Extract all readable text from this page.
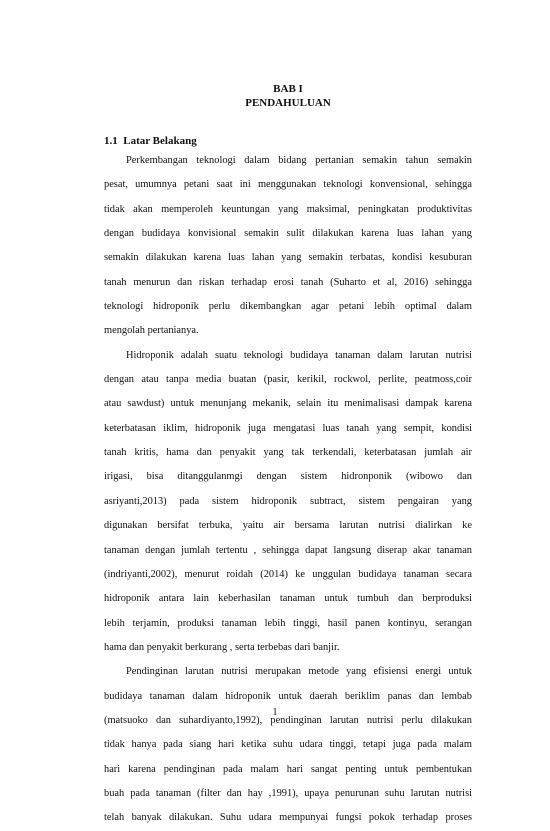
BAB I
PENDAHULUAN
1.1  Latar Belakang
Perkembangan teknologi dalam bidang pertanian semakin tahun semakin
pesat, umumnya petani saat ini menggunakan teknologi konvensional, sehingga
tidak akan memperoleh keuntungan yang maksimal, peningkatan produktivitas
dengan budidaya konvisional semakin sulit dilakukan karena luas lahan yang
semakin dilakukan karena luas lahan yang semakin terbatas, kondisi kesuburan
tanah menurun dan riskan terhadap erosi tanah (Suharto et al, 2016) sehingga
teknologi hidroponik perlu dikembangkan agar petani lebih optimal dalam
mengolah pertanianya.
Hidroponik adalah suatu teknologi budidaya tanaman dalam larutan nutrisi
dengan atau tanpa media buatan (pasir, kerikil, rockwol, perlite, peatmoss,coir
atau sawdust) untuk menunjang mekanik, selain itu menimalisasi dampak karena
keterbatasan iklim, hidroponik juga mengatasi luas tanah yang sempit, kondisi
tanah kritis, hama dan penyakit yang tak terkendali, keterbatasan jumlah air
irigasi, bisa ditanggulanmgi dengan sistem hidronponik (wibowo dan
asriyanti,2013) pada sistem hidroponik subtract, sistem pengairan yang
digunakan bersifat terbuka, yaitu air bersama larutan nutrisi dialirkan ke
tanaman dengan jumlah tertentu , sehingga dapat langsung diserap akar tanaman
(indriyanti,2002), menurut roidah (2014) ke unggulan budidaya tanaman secara
hidroponik antara lain keberhasilan tanaman untuk tumbuh dan berproduksi
lebih terjamin, produksi tanaman lebih tinggi, hasil panen kontinyu, serangan
hama dan penyakit berkurang , serta terbebas dari banjir.
Pendinginan larutan nutrisi merupakan metode yang efisiensi energi untuk
budidaya tanaman dalam hidroponik untuk daerah beriklim panas dan lembab
(matsuoko dan suhardiyanto,1992), pendinginan larutan nutrisi perlu dilakukan
tidak hanya pada siang hari ketika suhu udara tinggi, tetapi juga pada malam
hari karena pendinginan pada malam hari sangat penting untuk pembentukan
buah pada tanaman (filter dan hay ,1991), upaya penurunan suhu larutan nutrisi
telah banyak dilakukan. Suhu udara mempunyai fungsi pokok terhadap proses
1
